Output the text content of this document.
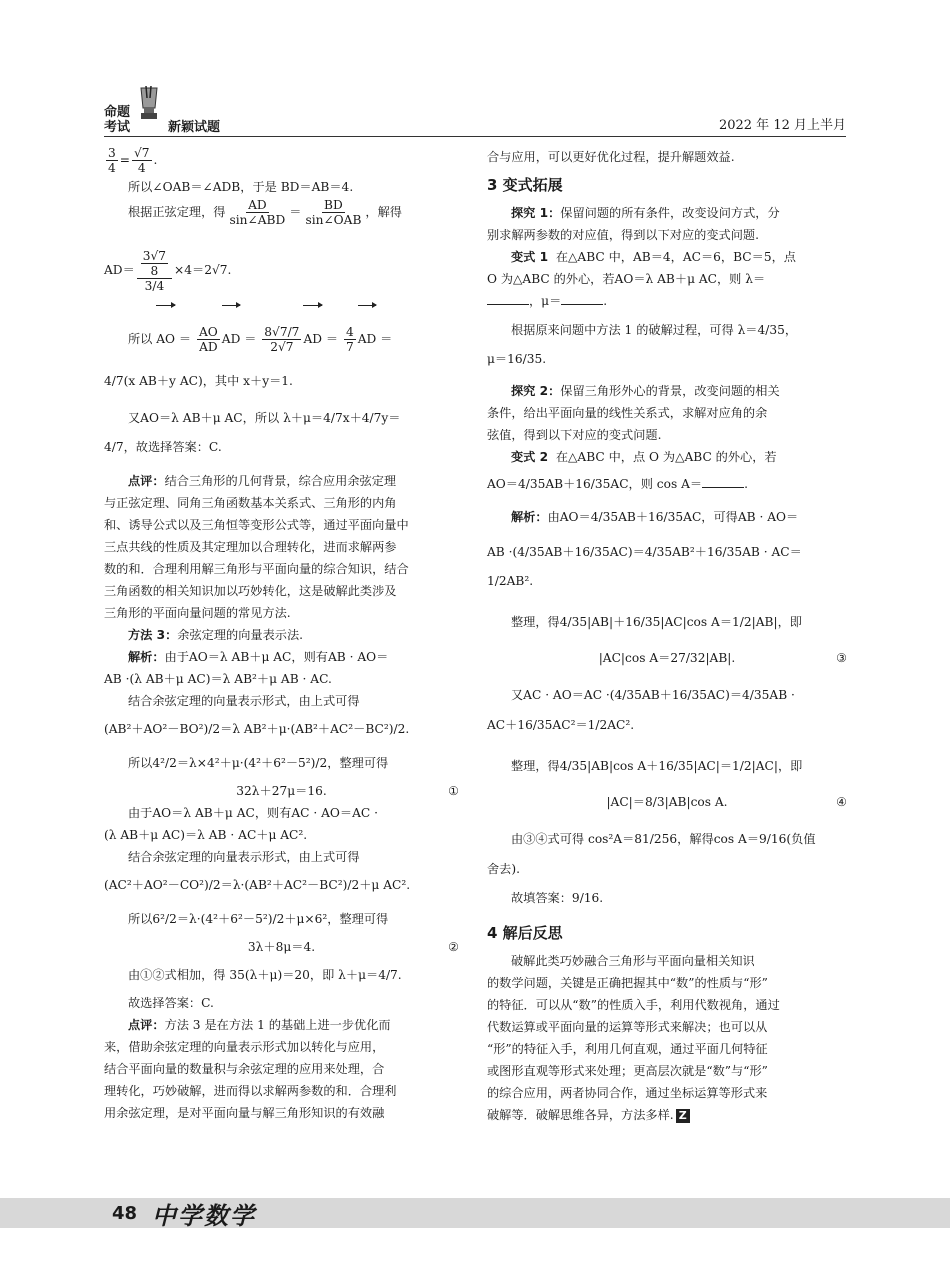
命题
考试	新颖试题	2022 年 12 月上半月
$\frac{3}{4} = \frac{√7}{4}$ .
所以∠OAB＝∠ADB，于是 BD＝AB＝4.
根据正弦定理，得 AD
sin∠ABD
＝ BD
sin∠OAB
，解得
$AD= \frac{\frac{3√7}{8}}{3/4} \times 4=2√7$.
所以 AO ＝ $\frac{AO}{AD}$ AD ＝ $\frac{8√7/7}{2√7}$ AD ＝ $\frac{4}{7}$ AD ＝
4/7(x AB＋y AC)，其中 x＋y＝1.
又AO＝λ AB＋μ AC，所以 λ＋μ＝4/7x＋4/7y＝
4/7，故选择答案：C.
点评：结合三角形的几何背景，综合应用余弦定理
与正弦定理、同角三角函数基本关系式、三角形的内角
和、诱导公式以及三角恒等变形公式等，通过平面向量中
三点共线的性质及其定理加以合理转化，进而求解两参
数的和．合理利用解三角形与平面向量的综合知识，结合
三角函数的相关知识加以巧妙转化，这是破解此类涉及
三角形的平面向量问题的常见方法.
方法 3：余弦定理的向量表示法.
解析：由于AO＝λ AB＋μ AC，则有AB · AO＝
AB ·(λ AB＋μ AC)＝λ AB²＋μ AB · AC.
结合余弦定理的向量表示形式，由上式可得
(AB²＋AO²－BO²)/2＝λ AB²＋μ·(AB²＋AC²－BC²)/2.
所以4²/2＝λ×4²＋μ·(4²＋6²－5²)/2，整理可得
32λ＋27μ＝16.	①
由于AO＝λ AB＋μ AC，则有AC · AO＝AC ·
(λ AB＋μ AC)＝λ AB · AC＋μ AC².
结合余弦定理的向量表示形式，由上式可得
(AC²＋AO²－CO²)/2＝λ·(AB²＋AC²－BC²)/2＋μ AC².
所以6²/2＝λ·(4²＋6²－5²)/2＋μ×6²，整理可得
3λ＋8μ＝4.	②
由①②式相加，得 35(λ＋μ)＝20，即 λ＋μ＝4/7.
故选择答案：C.
点评：方法 3 是在方法 1 的基础上进一步优化而
来，借助余弦定理的向量表示形式加以转化与应用，
结合平面向量的数量积与余弦定理的应用来处理，合
理转化，巧妙破解，进而得以求解两参数的和．合理利
用余弦定理，是对平面向量与解三角形知识的有效融
合与应用，可以更好优化过程，提升解题效益.
3 变式拓展
探究 1：保留问题的所有条件，改变设问方式，分
别求解两参数的对应值，得到以下对应的变式问题.
变式 1 在△ABC 中，AB＝4，AC＝6，BC＝5，点
O 为△ABC 的外心，若AO＝λ AB＋μ AC，则 λ＝
，μ＝	.
根据原来问题中方法 1 的破解过程，可得 λ＝4/35，
μ＝16/35.
探究 2：保留三角形外心的背景，改变问题的相关
条件，给出平面向量的线性关系式，求解对应角的余
弦值，得到以下对应的变式问题.
变式 2 在△ABC 中，点 O 为△ABC 的外心，若
AO＝4/35AB＋16/35AC，则 cos A＝	.
解析：由AO＝4/35AB＋16/35AC，可得AB · AO＝
AB ·(4/35AB＋16/35AC)＝4/35AB²＋16/35AB · AC＝
1/2AB².
整理，得4/35|AB|＋16/35|AC|cos A＝1/2|AB|，即
|AC|cos A＝27/32|AB|.	③
又AC · AO＝AC ·(4/35AB＋16/35AC)＝4/35AB ·
AC＋16/35AC²＝1/2AC².
整理，得4/35|AB|cos A＋16/35|AC|＝1/2|AC|，即
|AC|＝8/3|AB|cos A.	④
由③④式可得 cos²A＝81/256，解得cos A＝9/16(负值
舍去).
故填答案：9/16.
4 解后反思
破解此类巧妙融合三角形与平面向量相关知识
的数学问题，关键是正确把握其中“数”的性质与“形”
的特征．可以从“数”的性质入手，利用代数视角，通过
代数运算或平面向量的运算等形式来解决；也可以从
“形”的特征入手，利用几何直观，通过平面几何特征
或图形直观等形式来处理；更高层次就是“数”与“形”
的综合应用，两者协同合作，通过坐标运算等形式来
破解等．破解思维各异，方法多样. Z
48 中学数学
